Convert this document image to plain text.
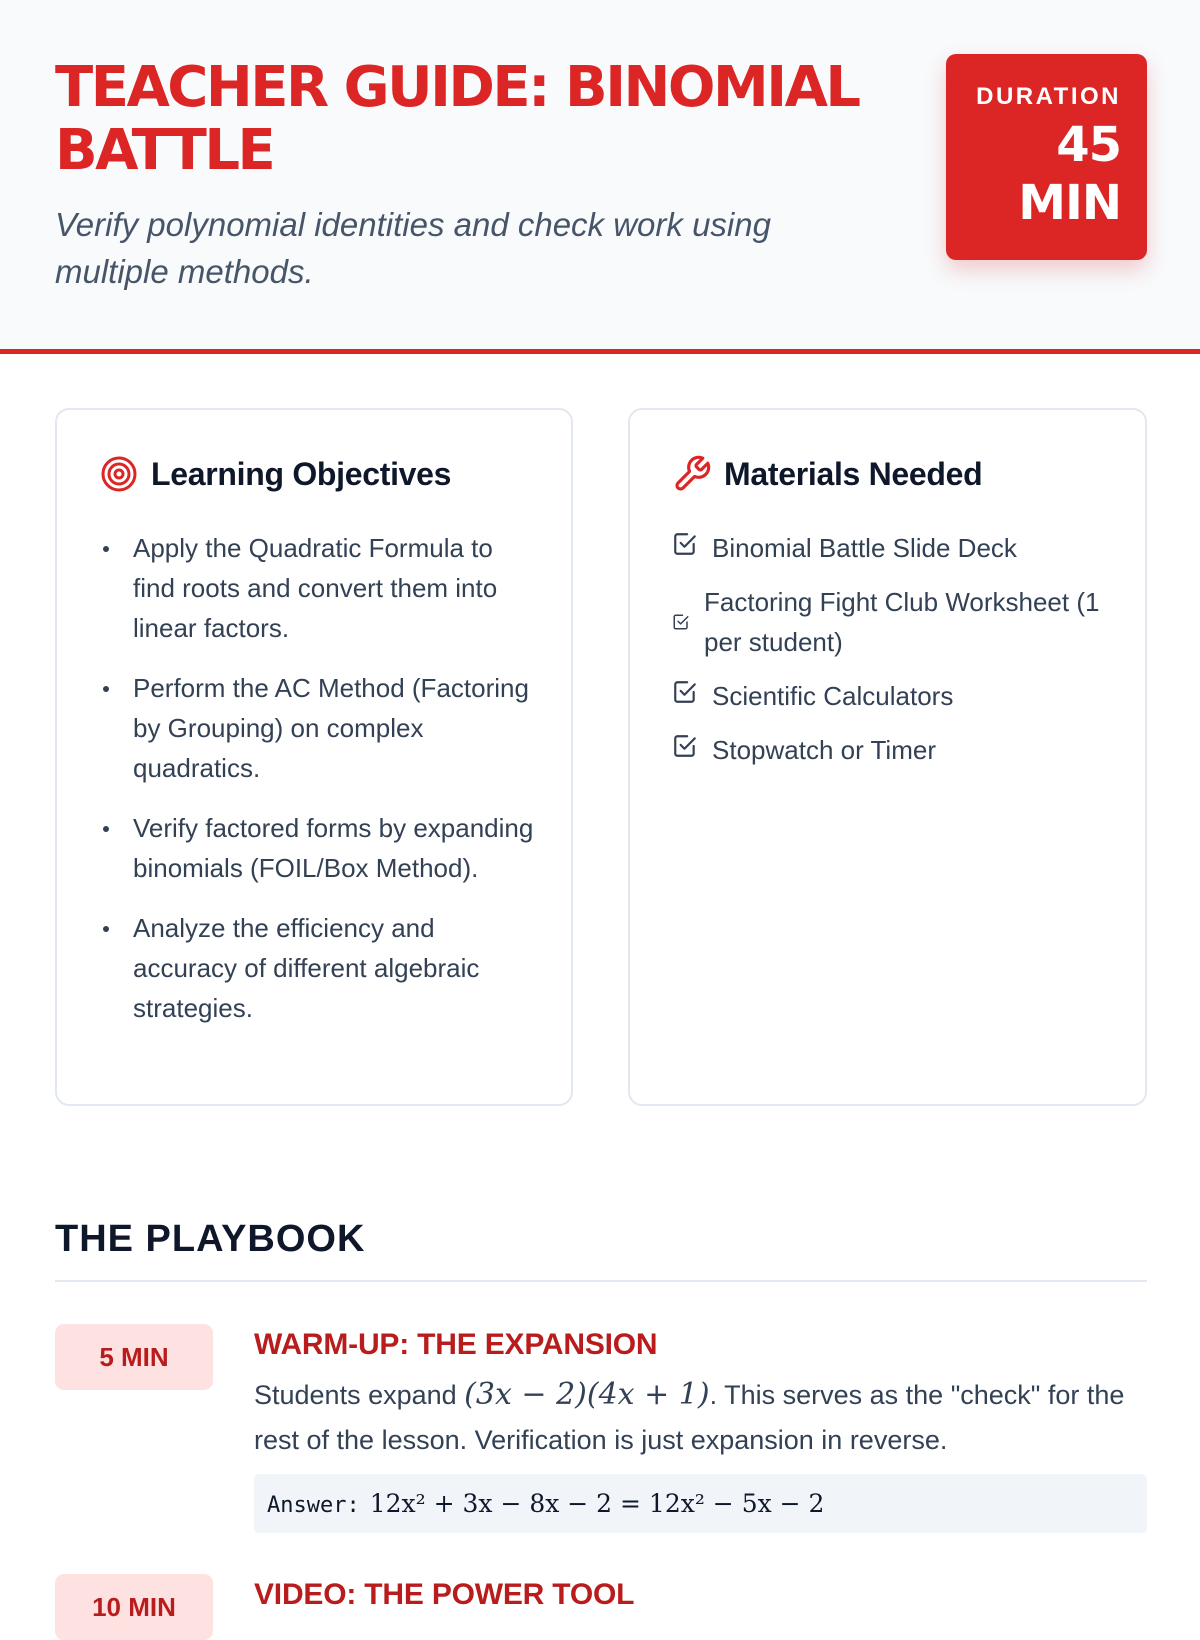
TEACHER GUIDE: BINOMIAL BATTLE

Verify polynomial identities and check work using multiple methods.

DURATION
45 MIN
Learning Objectives
Apply the Quadratic Formula to find roots and convert them into linear factors.
Perform the AC Method (Factoring by Grouping) on complex quadratics.
Verify factored forms by expanding binomials (FOIL/Box Method).
Analyze the efficiency and accuracy of different algebraic strategies.
Materials Needed
Binomial Battle Slide Deck
Factoring Fight Club Worksheet (1 per student)
Scientific Calculators
Stopwatch or Timer
THE PLAYBOOK
5 MIN	WARM-UP: THE EXPANSION

Students expand (3x − 2)(4x + 1). This serves as the "check" for the rest of the lesson. Verification is just expansion in reverse.

Answer: 12x² + 3x − 8x − 2 = 12x² − 5x − 2
10 MIN	VIDEO: THE POWER TOOL
